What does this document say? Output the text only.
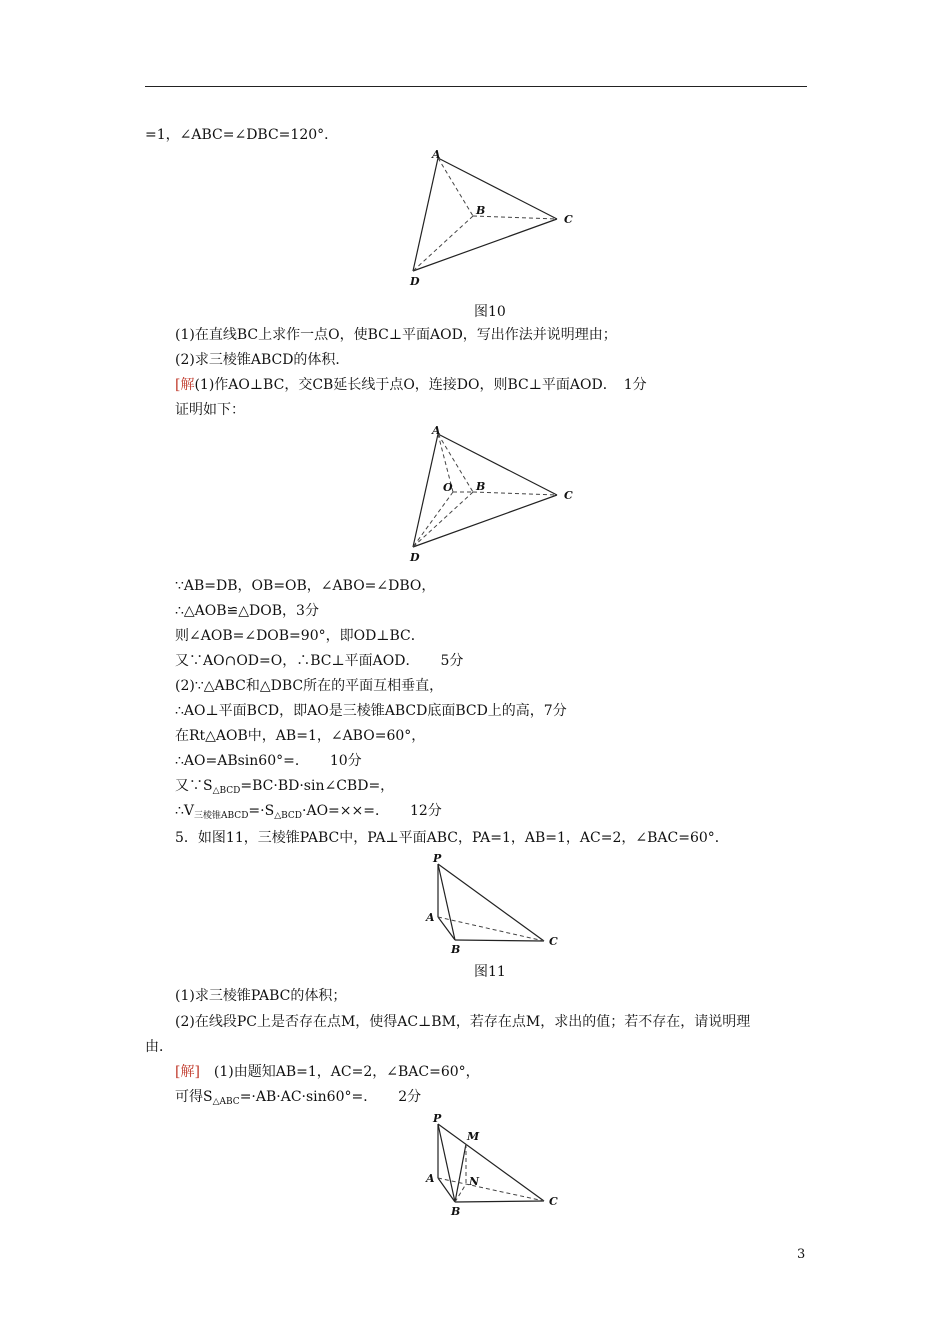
=1，∠ABC=∠DBC=120°．
A
B
C
D
图10
(1)在直线BC上求作一点O，使BC⊥平面AOD，写出作法并说明理由；
(2)求三棱锥ABCD的体积．
[解(1)作AO⊥BC，交CB延长线于点O，连接DO，则BC⊥平面AOD．　1分
证明如下：
A
O B
C
D
∵AB=DB，OB=OB，∠ABO=∠DBO，
∴△AOB≌△DOB，3分
则∠AOB=∠DOB=90°，即OD⊥BC．
又∵AO∩OD=O，∴BC⊥平面AOD．　　5分
(2)∵△ABC和△DBC所在的平面互相垂直，
∴AO⊥平面BCD，即AO是三棱锥ABCD底面BCD上的高，7分
在Rt△AOB中，AB=1，∠ABO=60°，
∴AO=ABsin60°=．　　10分
又$\because S_{\triangle BCD}=BC\cdot BD\cdot\sin\angle CBD=$，
$\therefore V_{三棱锥ABCD}=\cdot S_{\triangle BCD}\cdot AO=\times\times=$．　　12分
5．如图11，三棱锥PABC中，PA⊥平面ABC，PA=1，AB=1，AC=2，∠BAC=60°．
P
A
B
C
图11
(1)求三棱锥PABC的体积；
(2)在线段PC上是否存在点M，使得AC⊥BM，若存在点M，求出的值；若不存在，请说明理
由．
[解]　(1)由题知AB=1，AC=2，∠BAC=60°，
可得$S_{\triangle ABC}=\cdot AB\cdot AC\cdot\sin 60^\circ=$．　　2分
P
M
N
A
B
C
3
